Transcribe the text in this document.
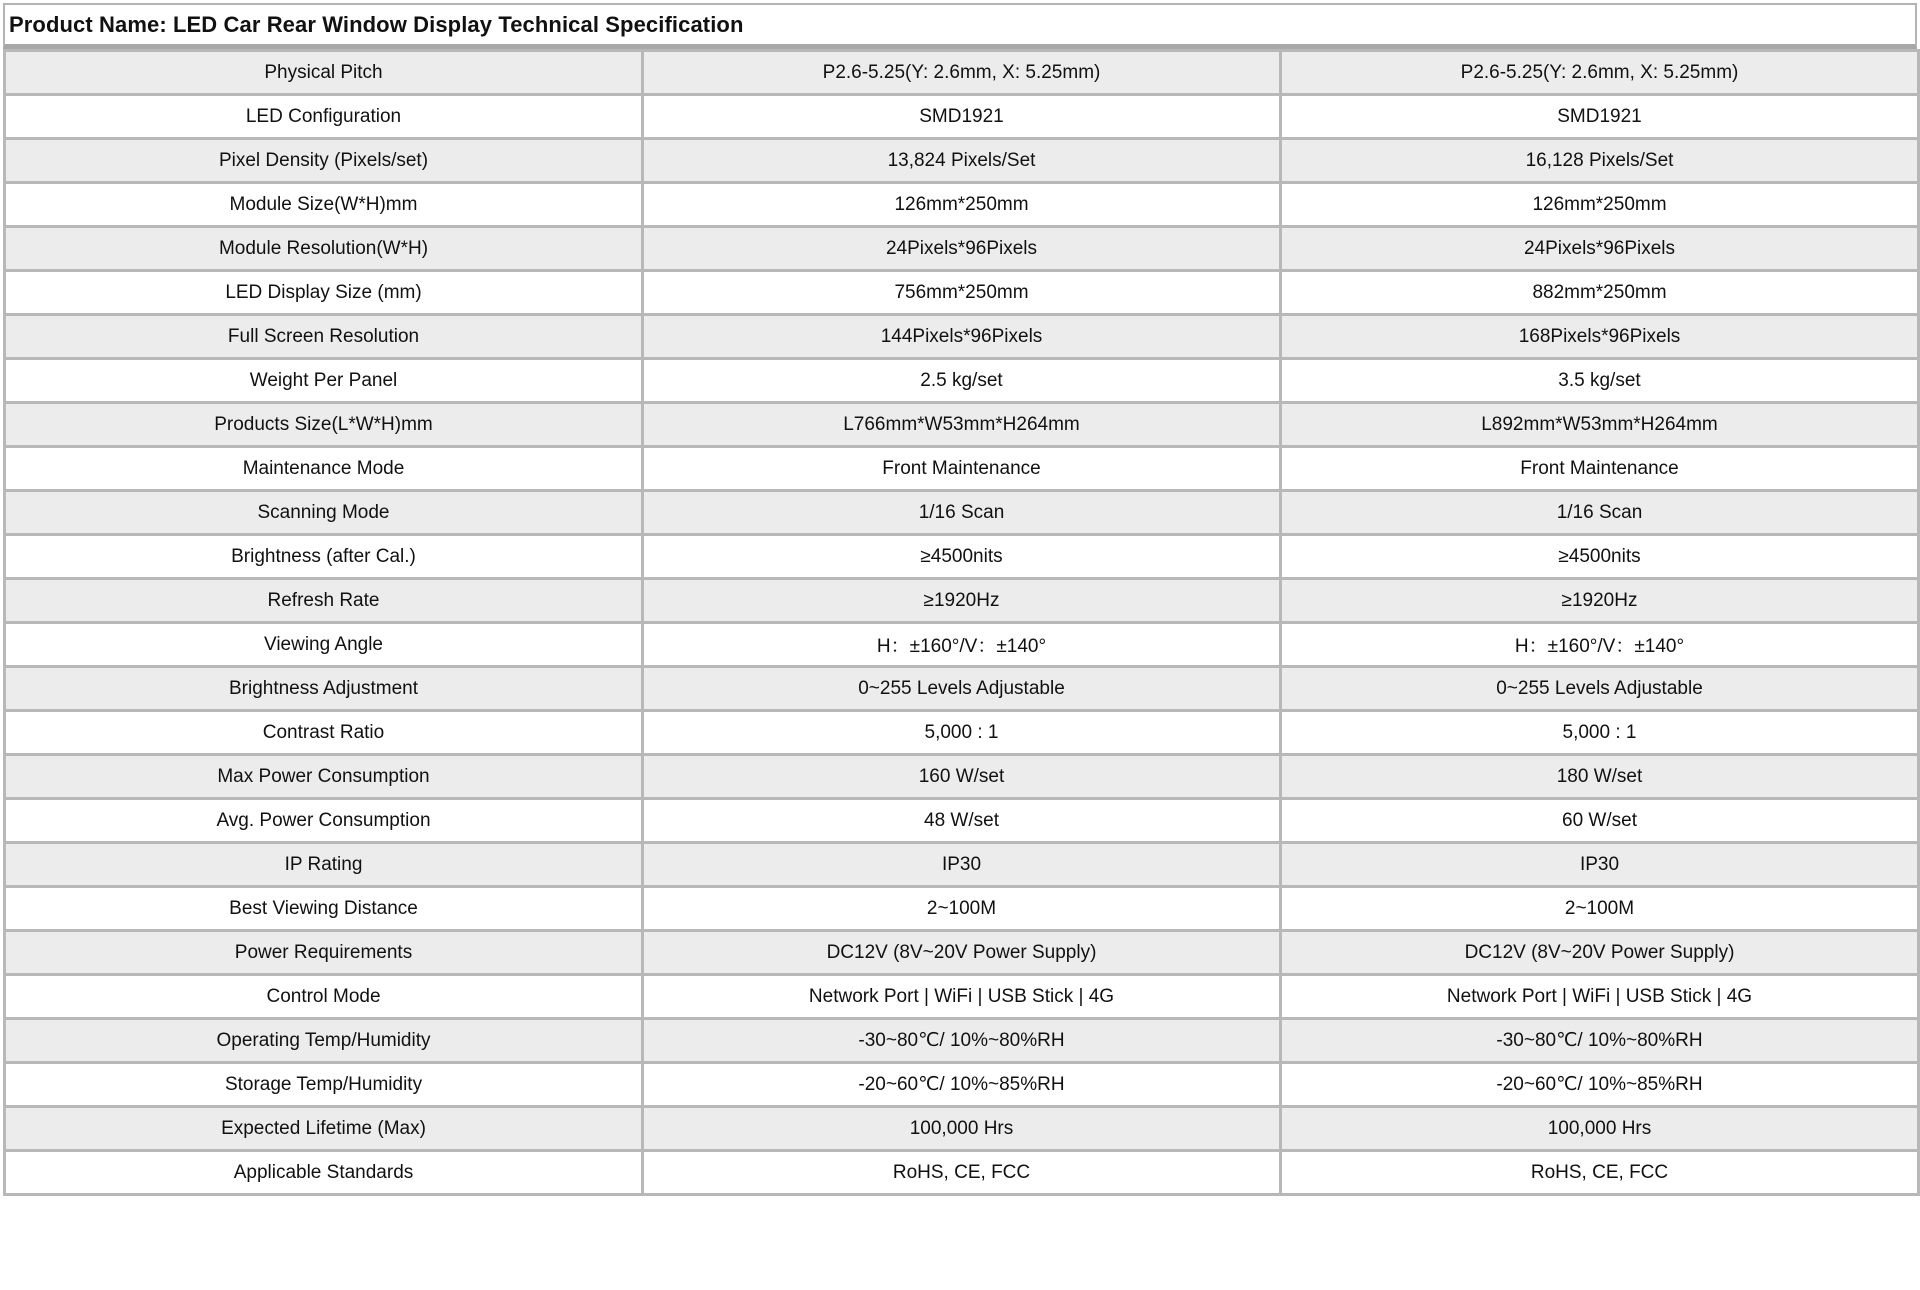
Product Name: LED Car Rear Window Display Technical Specification
Physical Pitch	P2.6-5.25(Y: 2.6mm, X: 5.25mm)	P2.6-5.25(Y: 2.6mm, X: 5.25mm)
LED Configuration	SMD1921	SMD1921
Pixel Density (Pixels/set)	13,824 Pixels/Set	16,128 Pixels/Set
Module Size(W*H)mm	126mm*250mm	126mm*250mm
Module Resolution(W*H)	24Pixels*96Pixels	24Pixels*96Pixels
LED Display Size (mm)	756mm*250mm	882mm*250mm
Full Screen Resolution	144Pixels*96Pixels	168Pixels*96Pixels
Weight Per Panel	2.5 kg/set	3.5 kg/set
Products Size(L*W*H)mm	L766mm*W53mm*H264mm	L892mm*W53mm*H264mm
Maintenance Mode	Front Maintenance	Front Maintenance
Scanning Mode	1/16 Scan	1/16 Scan
Brightness (after Cal.)	≥4500nits	≥4500nits
Refresh Rate	≥1920Hz	≥1920Hz
Viewing Angle	H：±160°/V：±140°	H：±160°/V：±140°
Brightness Adjustment	0~255 Levels Adjustable	0~255 Levels Adjustable
Contrast Ratio	5,000 : 1	5,000 : 1
Max Power Consumption	160 W/set	180 W/set
Avg. Power Consumption	48 W/set	60 W/set
IP Rating	IP30	IP30
Best Viewing Distance	2~100M	2~100M
Power Requirements	DC12V (8V~20V Power Supply)	DC12V (8V~20V Power Supply)
Control Mode	Network Port | WiFi | USB Stick | 4G	Network Port | WiFi | USB Stick | 4G
Operating Temp/Humidity	-30~80℃/ 10%~80%RH	-30~80℃/ 10%~80%RH
Storage Temp/Humidity	-20~60℃/ 10%~85%RH	-20~60℃/ 10%~85%RH
Expected Lifetime (Max)	100,000 Hrs	100,000 Hrs
Applicable Standards	RoHS, CE, FCC	RoHS, CE, FCC
